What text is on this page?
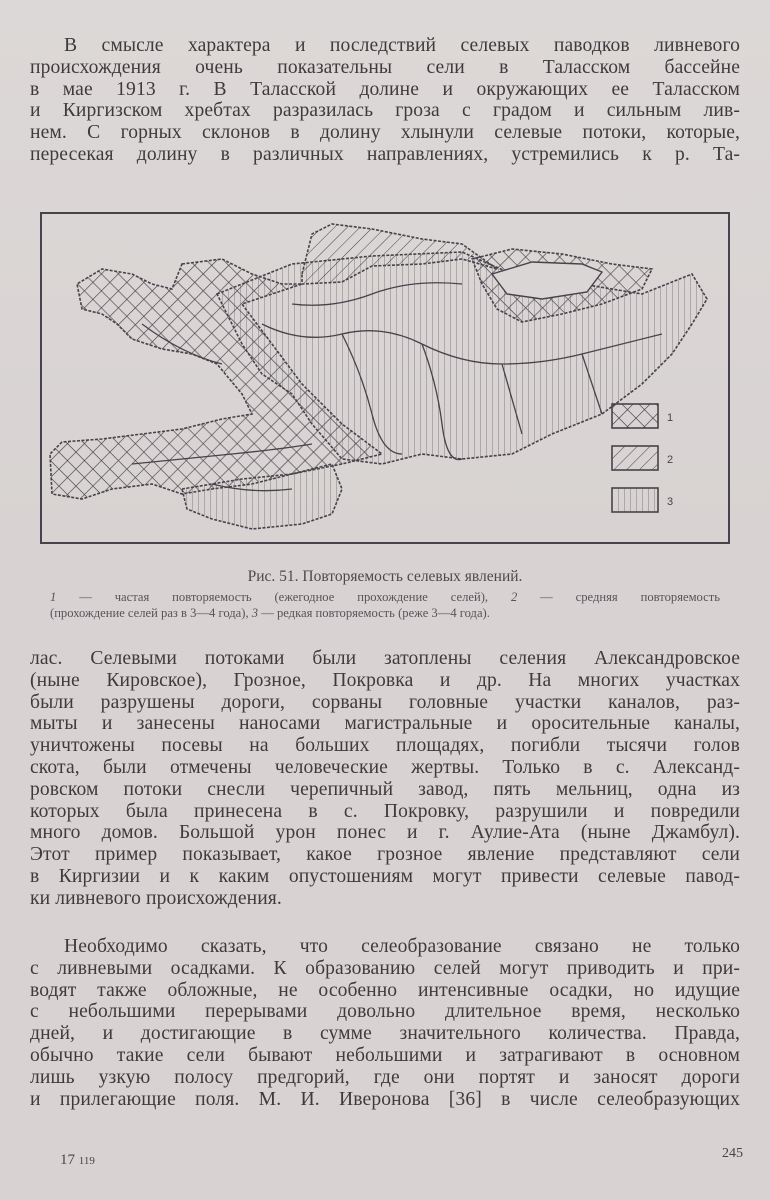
В смысле характера и последствий селевых паводков ливневого
происхождения очень показательны сели в Таласском бассейне
в мае 1913 г. В Таласской долине и окружающих ее Таласском
и Киргизском хребтах разразилась гроза с градом и сильным лив-
нем. С горных склонов в долину хлынули селевые потоки, которые,
пересекая долину в различных направлениях, устремились к р. Та-
1
2
3
Рис. 51. Повторяемость селевых явлений.
1 — частая повторяемость (ежегодное прохождение селей), 2 — средняя повторяемость
(прохождение селей раз в 3—4 года), 3 — редкая повторяемость (реже 3—4 года).
лас. Селевыми потоками были затоплены селения Александровское
(ныне Кировское), Грозное, Покровка и др. На многих участках
были разрушены дороги, сорваны головные участки каналов, раз-
мыты и занесены наносами магистральные и оросительные каналы,
уничтожены посевы на больших площадях, погибли тысячи голов
скота, были отмечены человеческие жертвы. Только в с. Александ-
ровском потоки снесли черепичный завод, пять мельниц, одна из
которых была принесена в с. Покровку, разрушили и повредили
много домов. Большой урон понес и г. Аулие-Ата (ныне Джамбул).
Этот пример показывает, какое грозное явление представляют сели
в Киргизии и к каким опустошениям могут привести селевые павод-
ки ливневого происхождения.
Необходимо сказать, что селеобразование связано не только
с ливневыми осадками. К образованию селей могут приводить и при-
водят также обложные, не особенно интенсивные осадки, но идущие
с небольшими перерывами довольно длительное время, несколько
дней, и достигающие в сумме значительного количества. Правда,
обычно такие сели бывают небольшими и затрагивают в основном
лишь узкую полосу предгорий, где они портят и заносят дороги
и прилегающие поля. М. И. Иверонова [36] в числе селеобразующих
17 119	245
